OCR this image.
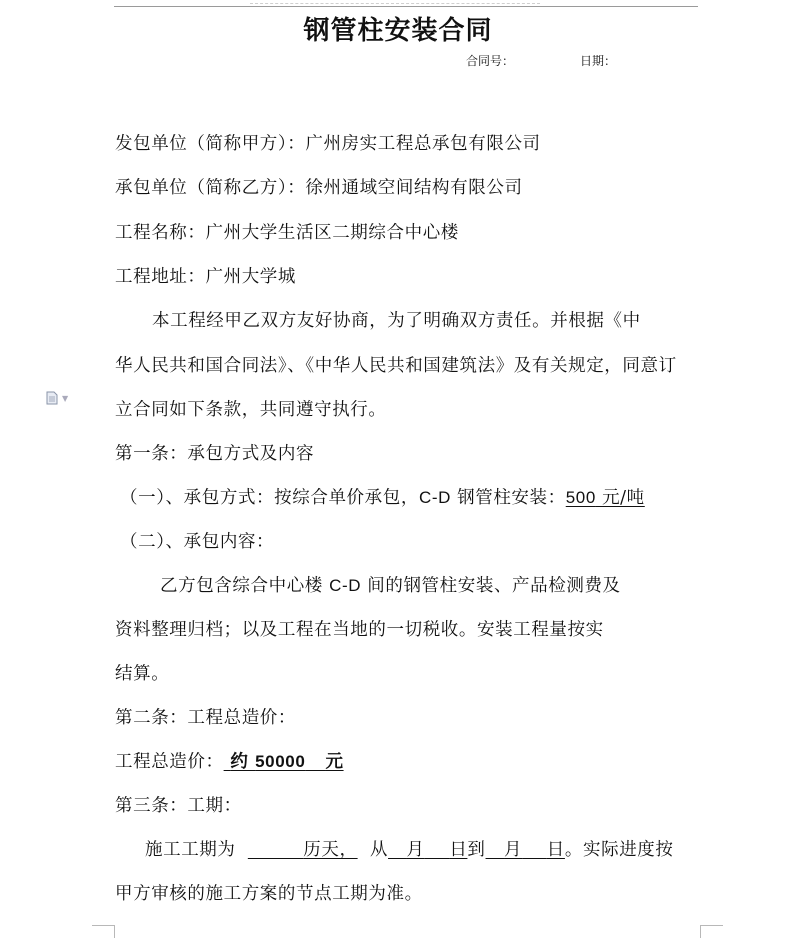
钢管柱安装合同
合同号：	日期：
发包单位（简称甲方）：广州房实工程总承包有限公司
承包单位（简称乙方）：徐州通域空间结构有限公司
工程名称：广州大学生活区二期综合中心楼
工程地址：广州大学城
本工程经甲乙双方友好协商，为了明确双方责任。并根据《中
华人民共和国合同法》、《中华人民共和国建筑法》及有关规定，同意订
立合同如下条款，共同遵守执行。
▼
第一条：承包方式及内容
（一）、承包方式：按综合单价承包，C-D 钢管柱安装：500 元/吨
（二）、承包内容：
乙方包含综合中心楼 C-D 间的钢管柱安装、产品检测费及
资料整理归档；以及工程在当地的一切税收。安装工程量按实
结算。
第二条：工程总造价：
工程总造价： 约 50000 元
第三条：工期：
施工工期为	历天， 从 月 日到 月 日。实际进度按
甲方审核的施工方案的节点工期为准。
